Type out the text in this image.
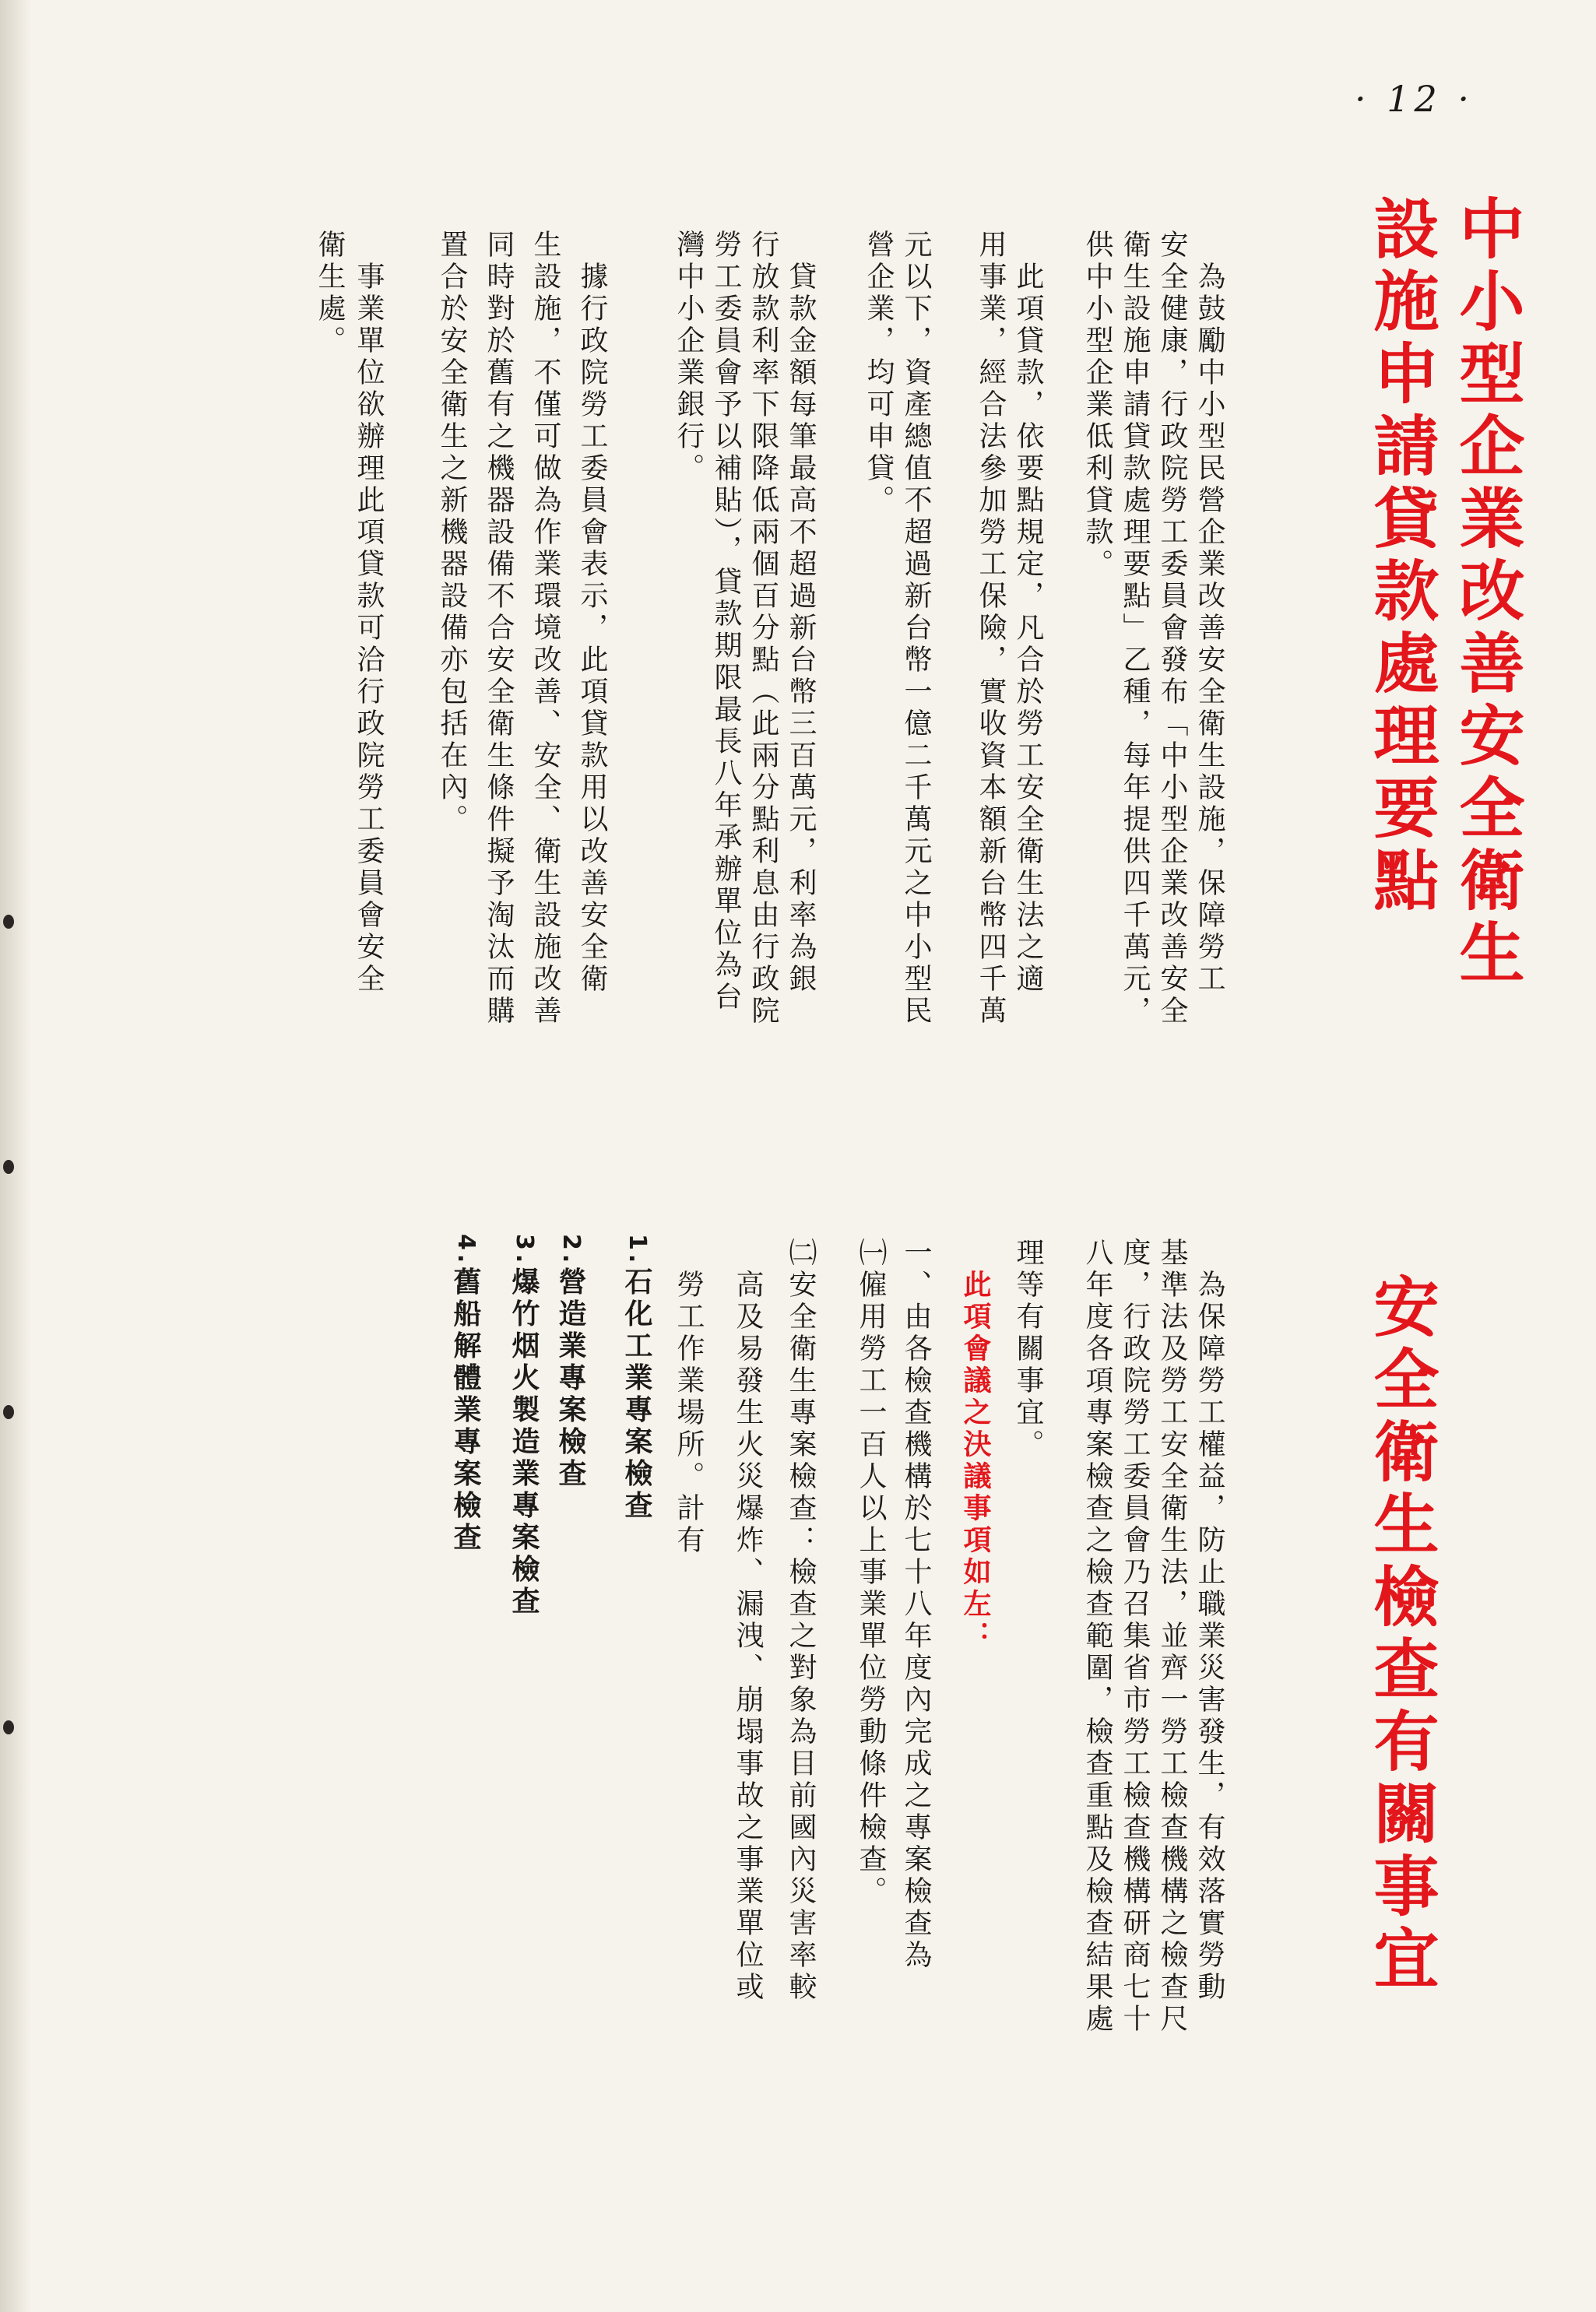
· 12 ·
中小型企業改善安全衛生
設施申請貸款處理要點
　為鼓勵中小型民營企業改善安全衛生設施，保障勞工
安全健康，行政院勞工委員會發布「中小型企業改善安全
衛生設施申請貸款處理要點」乙種，每年提供四千萬元，
供中小型企業低利貸款。
　此項貸款，依要點規定，凡合於勞工安全衛生法之適
用事業，經合法參加勞工保險，實收資本額新台幣四千萬
元以下，資產總值不超過新台幣一億二千萬元之中小型民
營企業，均可申貸。
　貸款金額每筆最高不超過新台幣三百萬元，利率為銀
行放款利率下限降低兩個百分點（此兩分點利息由行政院
勞工委員會予以補貼），貸款期限最長八年承辦單位為台
灣中小企業銀行。
　據行政院勞工委員會表示，此項貸款用以改善安全衛
生設施，不僅可做為作業環境改善、安全、衛生設施改善
同時對於舊有之機器設備不合安全衛生條件擬予淘汰而購
置合於安全衛生之新機器設備亦包括在內。
　事業單位欲辦理此項貸款可洽行政院勞工委員會安全
衛生處。
安全衛生檢查有關事宜
　為保障勞工權益，防止職業災害發生，有效落實勞動
基準法及勞工安全衛生法，並齊一勞工檢查機構之檢查尺
度，行政院勞工委員會乃召集省市勞工檢查機構研商七十
八年度各項專案檢查之檢查範圍，檢查重點及檢查結果處
理等有關事宜。
　此項會議之決議事項如左：
一、由各檢查機構於七十八年度內完成之專案檢查為
㈠僱用勞工一百人以上事業單位勞動條件檢查。
㈡安全衛生專案檢查：檢查之對象為目前國內災害率較
　高及易發生火災爆炸、漏洩、崩塌事故之事業單位或
　勞工作業場所。計有
1.石化工業專案檢查
2.營造業專案檢查
3.爆竹烟火製造業專案檢查
4.舊船解體業專案檢查
